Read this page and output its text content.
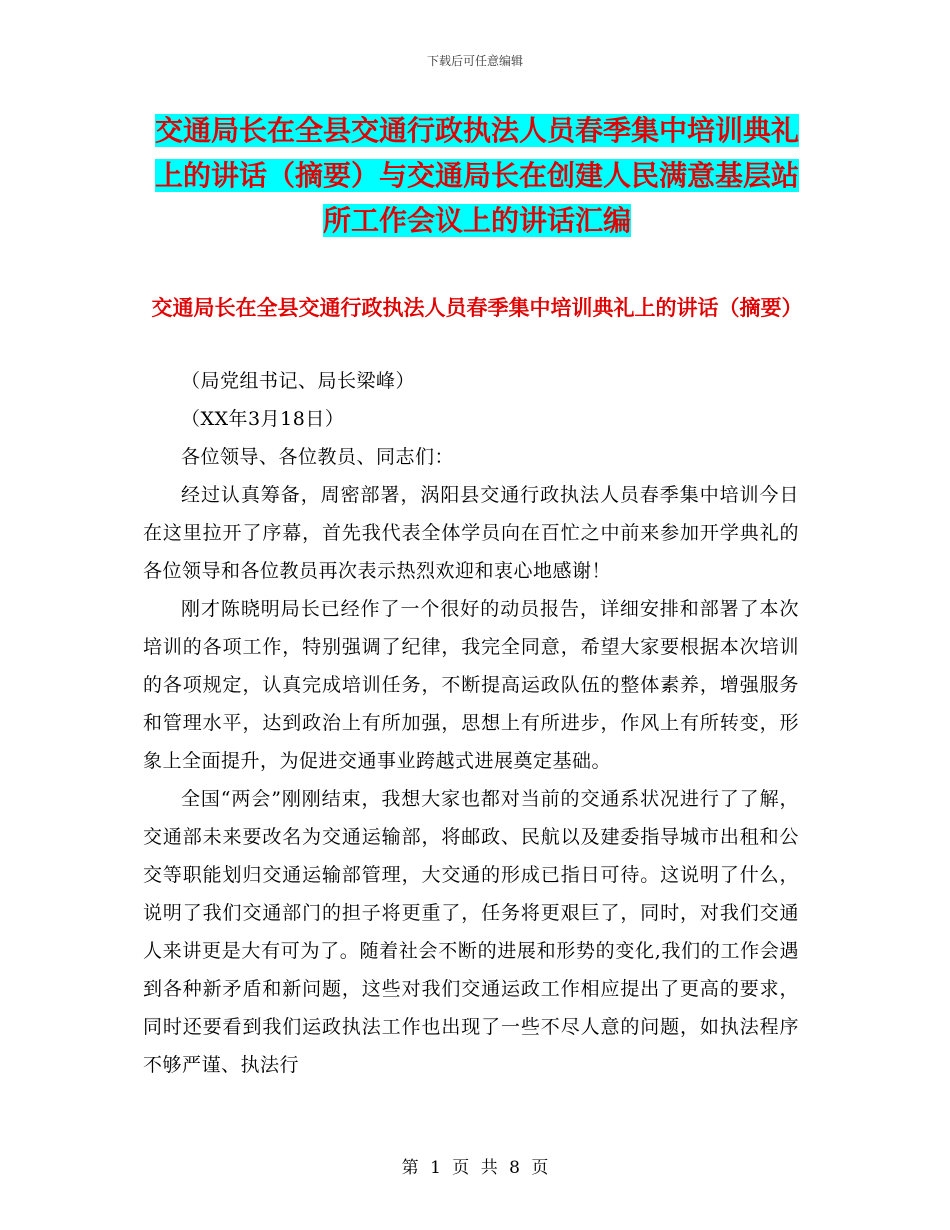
下载后可任意编辑
交通局长在全县交通行政执法人员春季集中培训典礼上的讲话（摘要）与交通局长在创建人民满意基层站所工作会议上的讲话汇编
交通局长在全县交通行政执法人员春季集中培训典礼上的讲话（摘要）

（局党组书记、局长梁峰）

（XX年3月18日）

各位领导、各位教员、同志们：

经过认真筹备，周密部署，涡阳县交通行政执法人员春季集中培训今日在这里拉开了序幕，首先我代表全体学员向在百忙之中前来参加开学典礼的各位领导和各位教员再次表示热烈欢迎和衷心地感谢！

刚才陈晓明局长已经作了一个很好的动员报告，详细安排和部署了本次培训的各项工作，特别强调了纪律，我完全同意，希望大家要根据本次培训的各项规定，认真完成培训任务，不断提高运政队伍的整体素养，增强服务和管理水平，达到政治上有所加强，思想上有所进步，作风上有所转变，形象上全面提升，为促进交通事业跨越式进展奠定基础。

全国“两会”刚刚结束，我想大家也都对当前的交通系状况进行了了解，交通部未来要改名为交通运输部，将邮政、民航以及建委指导城市出租和公交等职能划归交通运输部管理，大交通的形成已指日可待。这说明了什么，说明了我们交通部门的担子将更重了，任务将更艰巨了，同时，对我们交通人来讲更是大有可为了。随着社会不断的进展和形势的变化,我们的工作会遇到各种新矛盾和新问题，这些对我们交通运政工作相应提出了更高的要求，同时还要看到我们运政执法工作也出现了一些不尽人意的问题，如执法程序不够严谨、执法行

第 1 页 共 8 页
